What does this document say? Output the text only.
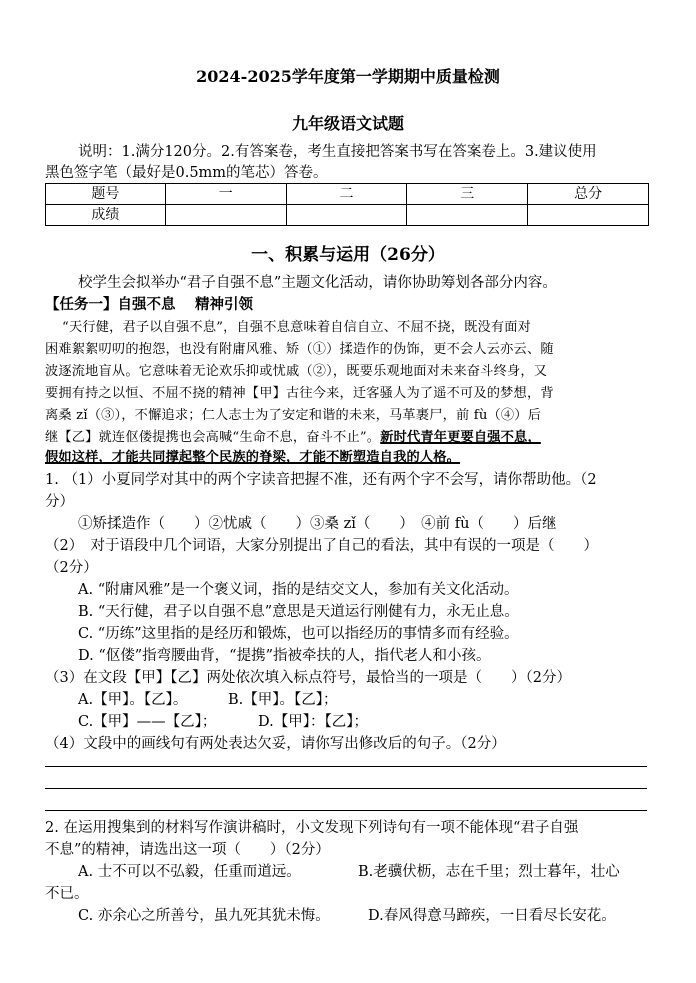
2024-2025学年度第一学期期中质量检测
九年级语文试题
说明：1.满分120分。2.有答案卷，考生直接把答案书写在答案卷上。3.建议使用
黑色签字笔（最好是0.5mm的笔芯）答卷。
题号	一	二	三	总分
成绩				
一、积累与运用（26分）
校学生会拟举办“君子自强不息”主题文化活动，请你协助筹划各部分内容。
【任务一】自强不息　 精神引领
“天行健，君子以自强不息”，自强不息意味着自信自立、不屈不挠，既没有面对
困难絮絮叨叨的抱怨，也没有附庸风雅、矫（①）揉造作的伪饰，更不会人云亦云、随
波逐流地盲从。它意味着无论欢乐抑或忧戚（②），既要乐观地面对未来奋斗终身，又
要拥有持之以恒、不屈不挠的精神【甲】古往今来，迁客骚人为了遥不可及的梦想，背
离桑 zǐ（③），不懈追求；仁人志士为了安定和谐的未来，马革裹尸，前 fù（④）后
继【乙】就连伛偻提携也会高喊“生命不息，奋斗不止”。新时代青年更要自强不息，
假如这样，才能共同撑起整个民族的脊梁，才能不断塑造自我的人格。
1. （1）小夏同学对其中的两个字读音把握不准，还有两个字不会写，请你帮助他。（2
分）
①矫揉造作（　　）②忧戚（　　）③桑 zǐ（　　）　④前 fù（　　）后继
（2）　对于语段中几个词语，大家分别提出了自己的看法，其中有误的一项是（　　）
（2分）
A. “附庸风雅”是一个褒义词，指的是结交文人，参加有关文化活动。
B. “天行健，君子以自强不息”意思是天道运行刚健有力，永无止息。
C. “历练”这里指的是经历和锻炼，也可以指经历的事情多而有经验。
D. “伛偻”指弯腰曲背，“提携”指被牵扶的人，指代老人和小孩。
（3）在文段【甲】【乙】两处依次填入标点符号，最恰当的一项是（　　）（2分）
A.【甲】。【乙】。	B.【甲】。【乙】；
C.【甲】——【乙】；	D.【甲】：【乙】；
（4）文段中的画线句有两处表达欠妥，请你写出修改后的句子。（2分）
2. 在运用搜集到的材料写作演讲稿时，小文发现下列诗句有一项不能体现“君子自强
不息”的精神，请选出这一项（　　）（2分）
A. 士不可以不弘毅，任重而道远。	B.老骥伏枥，志在千里；烈士暮年，壮心
不已。
C. 亦余心之所善兮，虽九死其犹未悔。	D.春风得意马蹄疾，一日看尽长安花。
